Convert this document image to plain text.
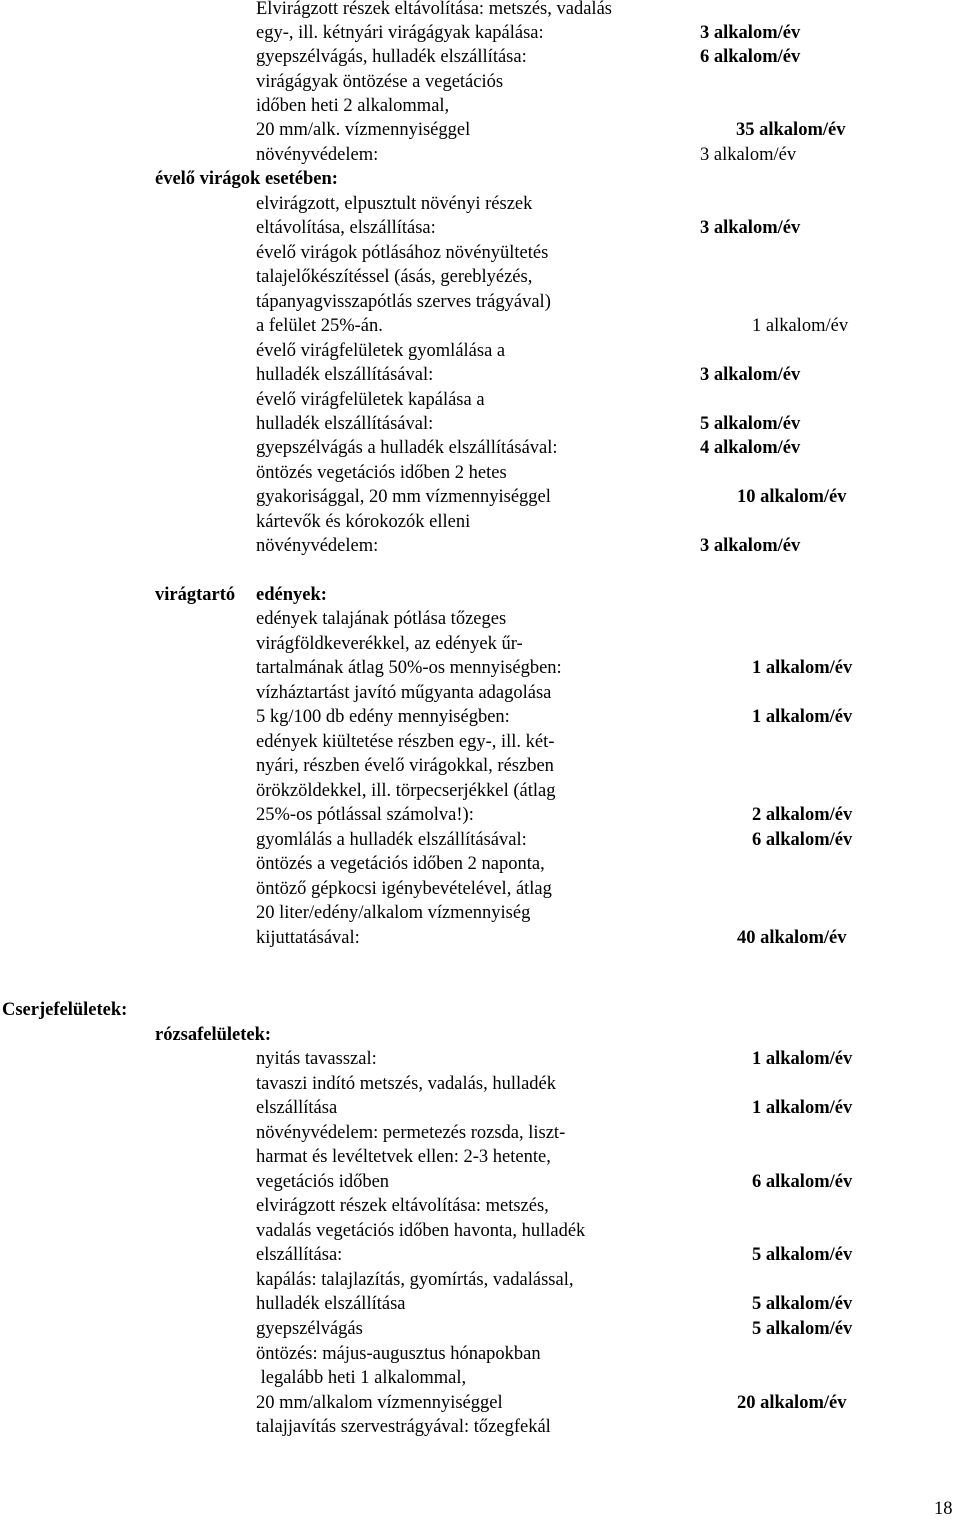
Elvirágzott részek eltávolítása: metszés, vadalás
egy-, ill. kétnyári virágágyak kapálása:	3 alkalom/év
gyepszélvágás, hulladék elszállítása:	6 alkalom/év
virágágyak öntözése a vegetációs
időben heti 2 alkalommal,
20 mm/alk. vízmennyiséggel	35 alkalom/év
növényvédelem:	3 alkalom/év
évelő virágok esetében:
elvirágzott, elpusztult növényi részek
eltávolítása, elszállítása:	3 alkalom/év
évelő virágok pótlásához növényültetés
talajelőkészítéssel (ásás, gereblyézés,
tápanyagvisszapótlás szerves trágyával)
a felület 25%-án.	1 alkalom/év
évelő virágfelületek gyomlálása a
hulladék elszállításával:	3 alkalom/év
évelő virágfelületek kapálása a
hulladék elszállításával:	5 alkalom/év
gyepszélvágás a hulladék elszállításával:	4 alkalom/év
öntözés vegetációs időben 2 hetes
gyakorisággal, 20 mm vízmennyiséggel	10 alkalom/év
kártevők és kórokozók elleni
növényvédelem:	3 alkalom/év
virágtartó edények:
edények talajának pótlása tőzeges
virágföldkeverékkel, az edények űr-
tartalmának átlag 50%-os mennyiségben:	1 alkalom/év
vízháztartást javító műgyanta adagolása
5 kg/100 db edény mennyiségben:	1 alkalom/év
edények kiültetése részben egy-, ill. két-
nyári, részben évelő virágokkal, részben
örökzöldekkel, ill. törpecserjékkel (átlag
25%-os pótlással számolva!):	2 alkalom/év
gyomlálás a hulladék elszállításával:	6 alkalom/év
öntözés a vegetációs időben 2 naponta,
öntöző gépkocsi igénybevételével, átlag
20 liter/edény/alkalom vízmennyiség
kijuttatásával:	40 alkalom/év
Cserjefelületek:
rózsafelületek:
nyitás tavasszal:	1 alkalom/év
tavaszi indító metszés, vadalás, hulladék
elszállítása	1 alkalom/év
növényvédelem: permetezés rozsda, liszt-
harmat és levéltetvek ellen: 2-3 hetente,
vegetációs időben	6 alkalom/év
elvirágzott részek eltávolítása: metszés,
vadalás vegetációs időben havonta, hulladék
elszállítása:	5 alkalom/év
kapálás: talajlazítás, gyomírtás, vadalással,
hulladék elszállítása	5 alkalom/év
gyepszélvágás	5 alkalom/év
öntözés: május-augusztus hónapokban
legalább heti 1 alkalommal,
20 mm/alkalom vízmennyiséggel	20 alkalom/év
talajjavítás szervestrágyával: tőzegfekál
18
